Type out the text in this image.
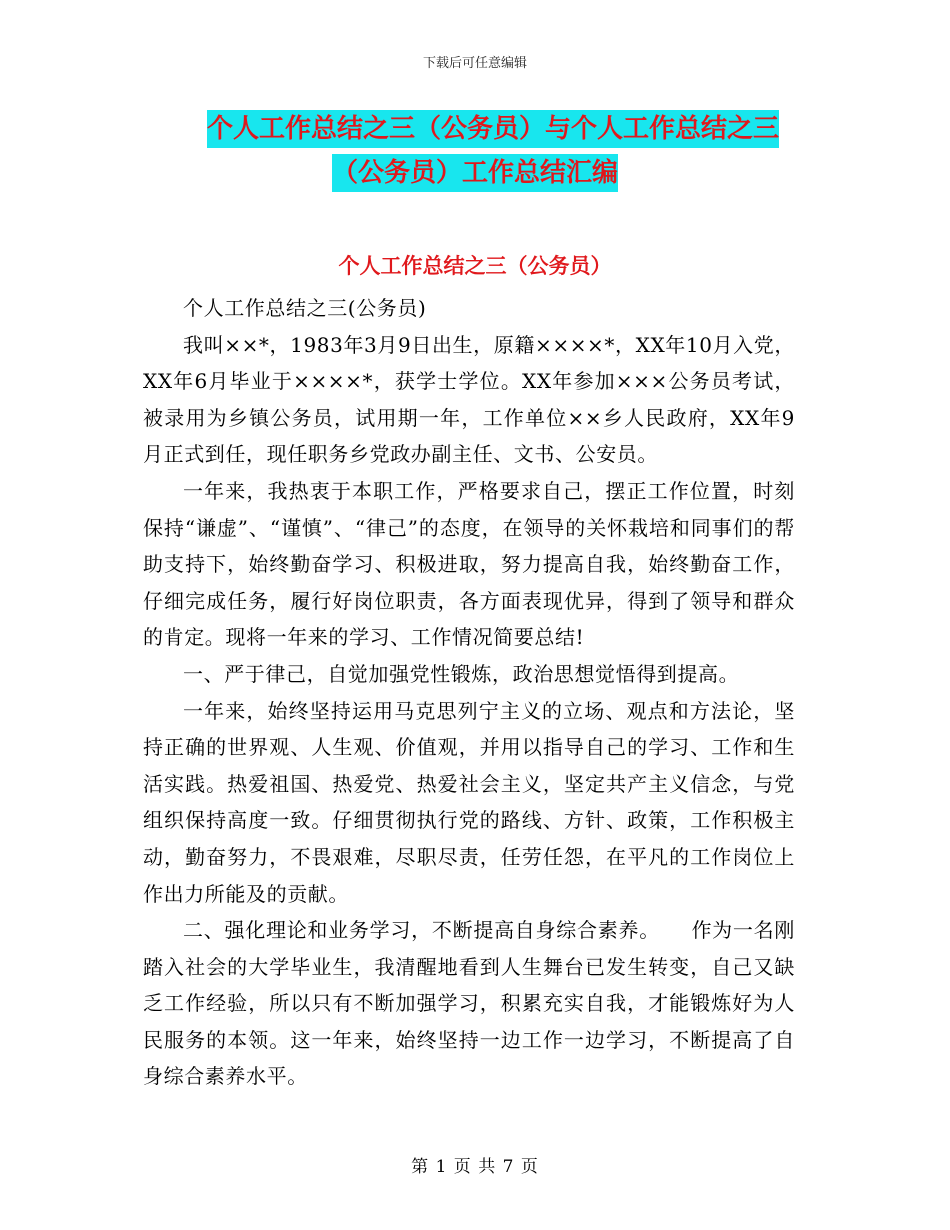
下载后可任意编辑
个人工作总结之三（公务员）与个人工作总结之三
（公务员）工作总结汇编
个人工作总结之三（公务员）

个人工作总结之三(公务员)

我叫××*，1983年3月9日出生，原籍××××*，XX年10月入党，XX年6月毕业于××××*，获学士学位。XX年参加×××公务员考试，被录用为乡镇公务员，试用期一年，工作单位××乡人民政府，XX年9月正式到任，现任职务乡党政办副主任、文书、公安员。

一年来，我热衷于本职工作，严格要求自己，摆正工作位置，时刻保持“谦虚”、“谨慎”、“律己”的态度，在领导的关怀栽培和同事们的帮助支持下，始终勤奋学习、积极进取，努力提高自我，始终勤奋工作，仔细完成任务，履行好岗位职责，各方面表现优异，得到了领导和群众的肯定。现将一年来的学习、工作情况简要总结!

一、严于律己，自觉加强党性锻炼，政治思想觉悟得到提高。

一年来，始终坚持运用马克思列宁主义的立场、观点和方法论，坚持正确的世界观、人生观、价值观，并用以指导自己的学习、工作和生活实践。热爱祖国、热爱党、热爱社会主义，坚定共产主义信念，与党组织保持高度一致。仔细贯彻执行党的路线、方针、政策，工作积极主动，勤奋努力，不畏艰难，尽职尽责，任劳任怨，在平凡的工作岗位上作出力所能及的贡献。

二、强化理论和业务学习，不断提高自身综合素养。　　作为一名刚踏入社会的大学毕业生，我清醒地看到人生舞台已发生转变，自己又缺乏工作经验，所以只有不断加强学习，积累充实自我，才能锻炼好为人民服务的本领。这一年来，始终坚持一边工作一边学习，不断提高了自身综合素养水平。

第 1 页 共 7 页
